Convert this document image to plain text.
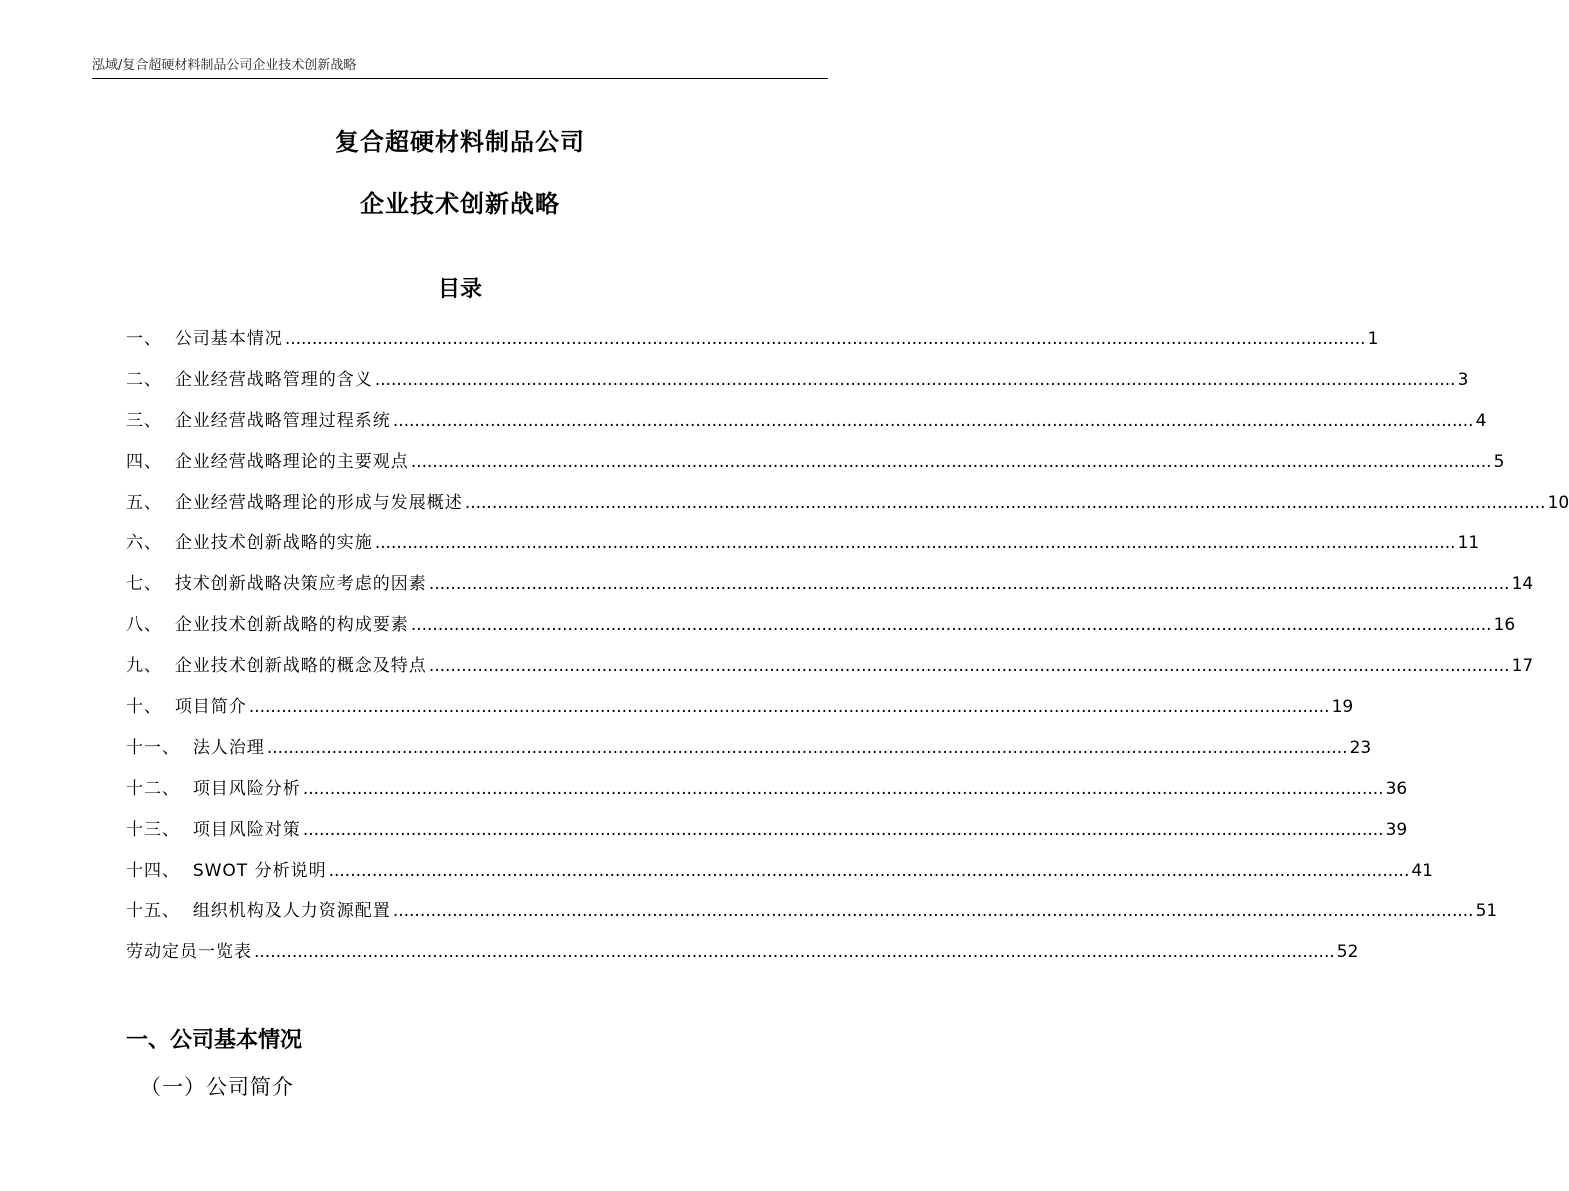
泓域/复合超硬材料制品公司企业技术创新战略
复合超硬材料制品公司
企业技术创新战略
目录
一、
公司基本情况 ........................................................................................................................................................................................................ 1
二、
企业经营战略管理的含义 ........................................................................................................................................................................................................ 3
三、
企业经营战略管理过程系统 ........................................................................................................................................................................................................ 4
四、
企业经营战略理论的主要观点 ........................................................................................................................................................................................................ 5
五、
企业经营战略理论的形成与发展概述 ........................................................................................................................................................................................................ 10
六、
企业技术创新战略的实施 ........................................................................................................................................................................................................ 11
七、
技术创新战略决策应考虑的因素 ........................................................................................................................................................................................................ 14
八、
企业技术创新战略的构成要素 ........................................................................................................................................................................................................ 16
九、
企业技术创新战略的概念及特点 ........................................................................................................................................................................................................ 17
十、
项目简介 ........................................................................................................................................................................................................ 19
十一、
法人治理 ........................................................................................................................................................................................................ 23
十二、
项目风险分析 ........................................................................................................................................................................................................ 36
十三、
项目风险对策 ........................................................................................................................................................................................................ 39
十四、
SWOT 分析说明 ........................................................................................................................................................................................................ 41
十五、
组织机构及人力资源配置 ........................................................................................................................................................................................................ 51
劳动定员一览表 ........................................................................................................................................................................................................ 52
一、公司基本情况
（一）公司简介
